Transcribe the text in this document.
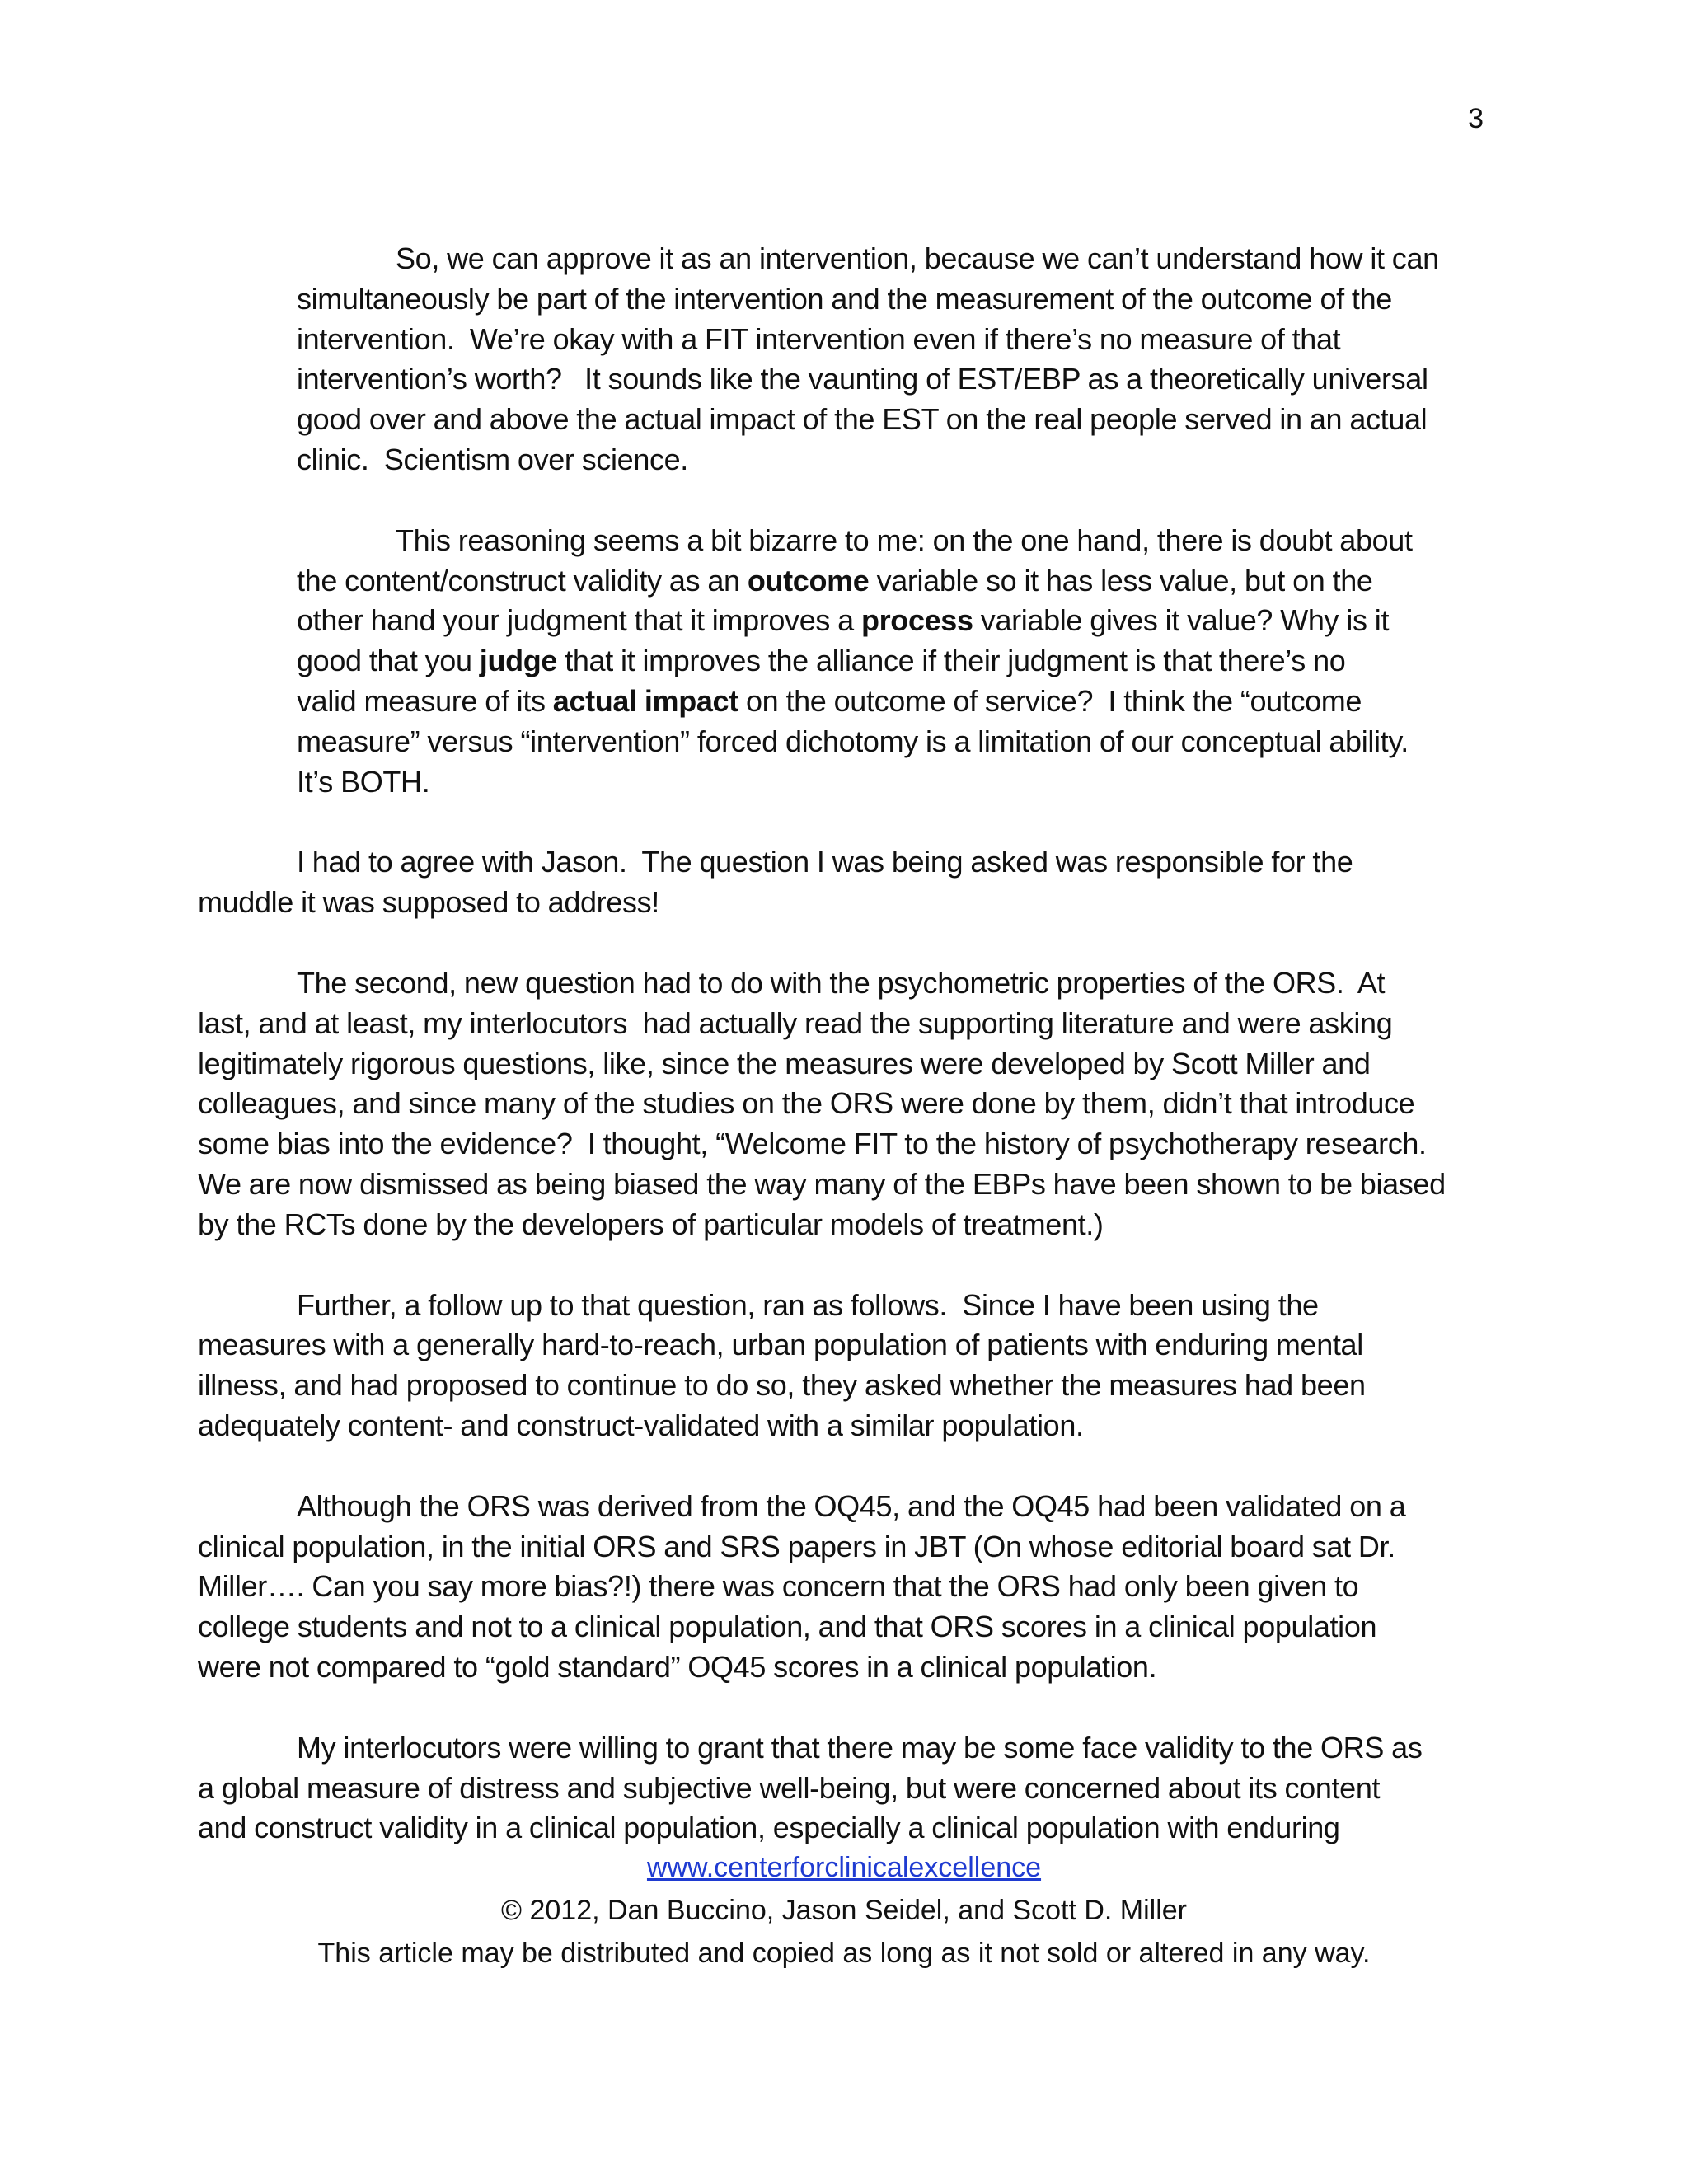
3
So, we can approve it as an intervention, because we can’t understand how it can
simultaneously be part of the intervention and the measurement of the outcome of the
intervention.  We’re okay with a FIT intervention even if there’s no measure of that
intervention’s worth?   It sounds like the vaunting of EST/EBP as a theoretically universal
good over and above the actual impact of the EST on the real people served in an actual
clinic.  Scientism over science.
This reasoning seems a bit bizarre to me: on the one hand, there is doubt about
the content/construct validity as an outcome variable so it has less value, but on the
other hand your judgment that it improves a process variable gives it value? Why is it
good that you judge that it improves the alliance if their judgment is that there’s no
valid measure of its actual impact on the outcome of service?  I think the “outcome
measure” versus “intervention” forced dichotomy is a limitation of our conceptual ability.
It’s BOTH.
I had to agree with Jason.  The question I was being asked was responsible for the
muddle it was supposed to address!
The second, new question had to do with the psychometric properties of the ORS.  At
last, and at least, my interlocutors  had actually read the supporting literature and were asking
legitimately rigorous questions, like, since the measures were developed by Scott Miller and
colleagues, and since many of the studies on the ORS were done by them, didn’t that introduce
some bias into the evidence?  I thought, “Welcome FIT to the history of psychotherapy research.
We are now dismissed as being biased the way many of the EBPs have been shown to be biased
by the RCTs done by the developers of particular models of treatment.)
Further, a follow up to that question, ran as follows.  Since I have been using the
measures with a generally hard-to-reach, urban population of patients with enduring mental
illness, and had proposed to continue to do so, they asked whether the measures had been
adequately content- and construct-validated with a similar population.
Although the ORS was derived from the OQ45, and the OQ45 had been validated on a
clinical population, in the initial ORS and SRS papers in JBT (On whose editorial board sat Dr.
Miller…. Can you say more bias?!) there was concern that the ORS had only been given to
college students and not to a clinical population, and that ORS scores in a clinical population
were not compared to “gold standard” OQ45 scores in a clinical population.
My interlocutors were willing to grant that there may be some face validity to the ORS as
a global measure of distress and subjective well-being, but were concerned about its content
and construct validity in a clinical population, especially a clinical population with enduring
www.centerforclinicalexcellence
© 2012, Dan Buccino, Jason Seidel, and Scott D. Miller
This article may be distributed and copied as long as it not sold or altered in any way.
